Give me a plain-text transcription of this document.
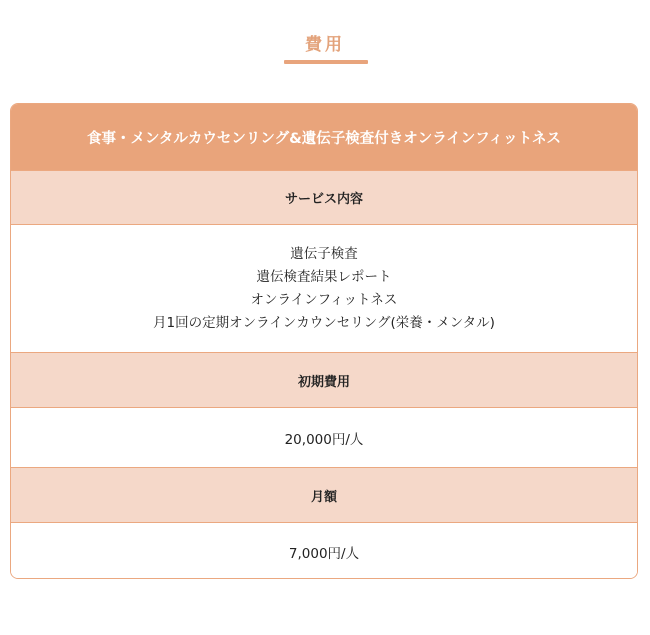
費用
食事・メンタルカウセンリング&遺伝子検査付きオンラインフィットネス
サービス内容
遺伝子検査
遺伝検査結果レポート
オンラインフィットネス
月1回の定期オンラインカウンセリング(栄養・メンタル)
初期費用
20,000円/人
月額
7,000円/人
